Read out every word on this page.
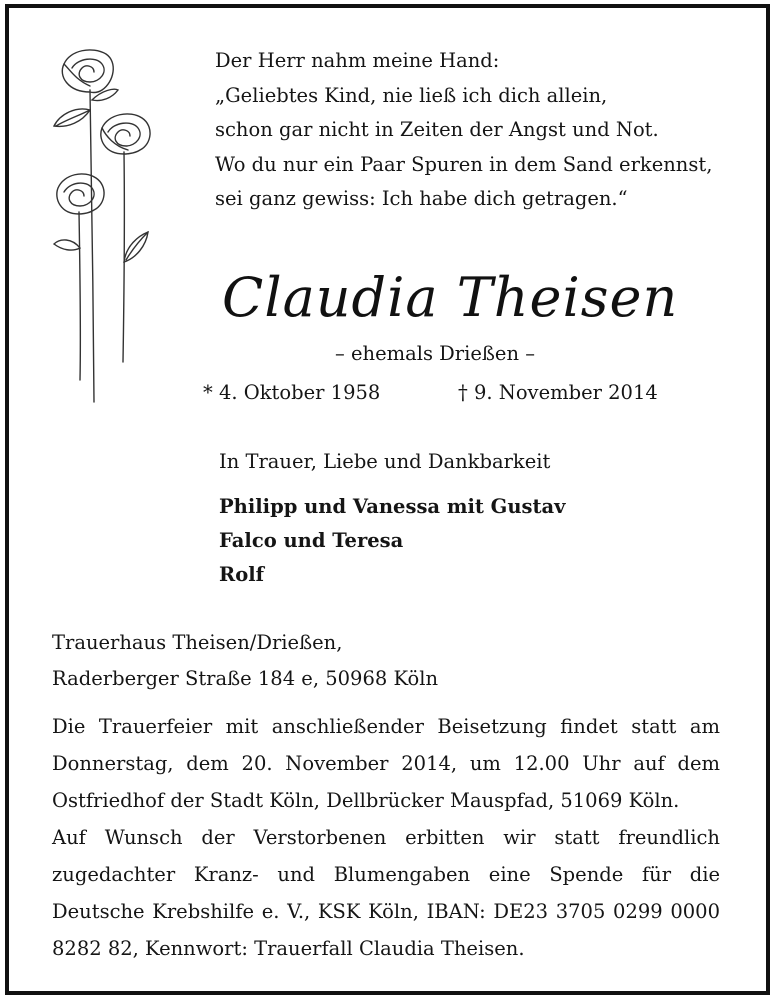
Der Herr nahm meine Hand:
„Geliebtes Kind, nie ließ ich dich allein,
schon gar nicht in Zeiten der Angst und Not.
Wo du nur ein Paar Spuren in dem Sand erkennst,
sei ganz gewiss: Ich habe dich getragen.“
Claudia Theisen
– ehemals Drießen –
* 4. Oktober 1958	† 9. November 2014
In Trauer, Liebe und Dankbarkeit
Philipp und Vanessa mit Gustav
Falco und Teresa
Rolf
Trauerhaus Theisen/Drießen,
Raderberger Straße 184 e, 50968 Köln
Die Trauerfeier mit anschließender Beisetzung findet statt am Donnerstag, dem 20. November 2014, um 12.00 Uhr auf dem Ostfriedhof der Stadt Köln, Dellbrücker Mauspfad, 51069 Köln.
Auf Wunsch der Verstorbenen erbitten wir statt freundlich zugedachter Kranz- und Blumengaben eine Spende für die Deutsche Krebshilfe e. V., KSK Köln, IBAN: DE23 3705 0299 0000 8282 82, Kennwort: Trauerfall Claudia Theisen.
